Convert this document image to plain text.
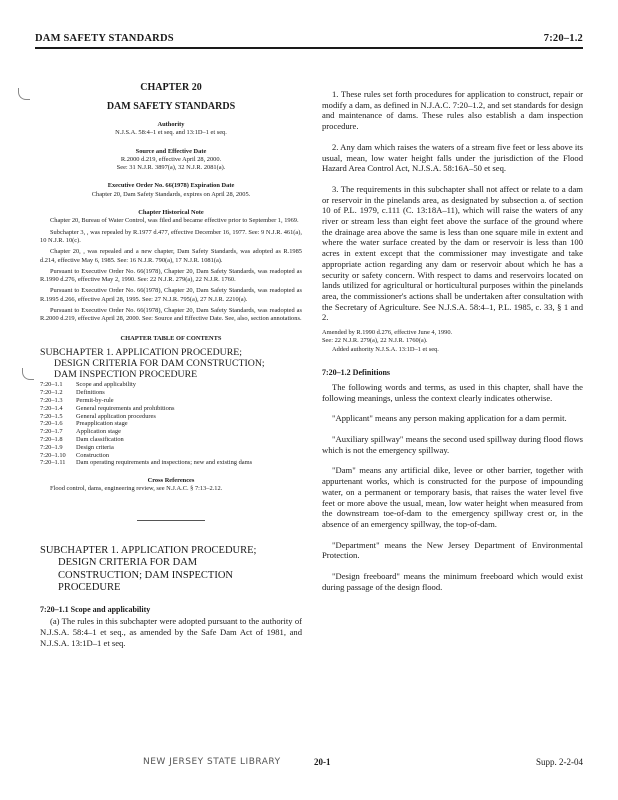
DAM SAFETY STANDARDS	7:20–1.2
CHAPTER 20
DAM SAFETY STANDARDS
Authority
N.J.S.A. 58:4–1 et seq. and 13:1D–1 et seq.
Source and Effective Date
R.2000 d.219, effective April 28, 2000.
See: 31 N.J.R. 3897(a), 32 N.J.R. 2081(a).
Executive Order No. 66(1978) Expiration Date
Chapter 20, Dam Safety Standards, expires on April 28, 2005.
Chapter Historical Note
Chapter 20, Bureau of Water Control, was filed and became effective prior to September 1, 1969.
Subchapter 3, , was repealed by R.1977 d.477, effective December 16, 1977. See: 9 N.J.R. 461(a), 10 N.J.R. 10(c).
Chapter 20, , was repealed and a new chapter, Dam Safety Standards, was adopted as R.1985 d.214, effective May 6, 1985. See: 16 N.J.R. 790(a), 17 N.J.R. 1081(a).
Pursuant to Executive Order No. 66(1978), Chapter 20, Dam Safety Standards, was readopted as R.1990 d.276, effective May 2, 1990. See: 22 N.J.R. 279(a), 22 N.J.R. 1760.
Pursuant to Executive Order No. 66(1978), Chapter 20, Dam Safety Standards, was readopted as R.1995 d.266, effective April 28, 1995. See: 27 N.J.R. 795(a), 27 N.J.R. 2210(a).
Pursuant to Executive Order No. 66(1978), Chapter 20, Dam Safety Standards, was readopted as R.2000 d.219, effective April 28, 2000. See: Source and Effective Date. See, also, section annotations.
CHAPTER TABLE OF CONTENTS
SUBCHAPTER 1. APPLICATION PROCEDURE;
DESIGN CRITERIA FOR DAM CONSTRUCTION;
DAM INSPECTION PROCEDURE
7:20–1.1	Scope and applicability
7:20–1.2	Definitions
7:20–1.3	Permit-by-rule
7:20–1.4	General requirements and prohibitions
7:20–1.5	General application procedures
7:20–1.6	Preapplication stage
7:20–1.7	Application stage
7:20–1.8	Dam classification
7:20–1.9	Design criteria
7:20–1.10	Construction
7:20–1.11	Dam operating requirements and inspections; new and existing dams
Cross References
Flood control, dams, engineering review, see N.J.A.C. § 7:13–2.12.
SUBCHAPTER 1. APPLICATION PROCEDURE;
DESIGN CRITERIA FOR DAM
CONSTRUCTION; DAM INSPECTION
PROCEDURE
7:20–1.1 Scope and applicability
(a) The rules in this subchapter were adopted pursuant to the authority of N.J.S.A. 58:4–1 et seq., as amended by the Safe Dam Act of 1981, and N.J.S.A. 13:1D–1 et seq.
1. These rules set forth procedures for application to construct, repair or modify a dam, as defined in N.J.A.C. 7:20–1.2, and set standards for design and maintenance of dams. These rules also establish a dam inspection procedure.
2. Any dam which raises the waters of a stream five feet or less above its usual, mean, low water height falls under the jurisdiction of the Flood Hazard Area Control Act, N.J.S.A. 58:16A–50 et seq.
3. The requirements in this subchapter shall not affect or relate to a dam or reservoir in the pinelands area, as designated by subsection a. of section 10 of P.L. 1979, c.111 (C. 13:18A–11), which will raise the waters of any river or stream less than eight feet above the surface of the ground where the drainage area above the same is less than one square mile in extent and where the water surface created by the dam or reservoir is less than 100 acres in extent except that the commissioner may investigate and take appropriate action regarding any dam or reservoir about which he has a security or safety concern. With respect to dams and reservoirs located on lands utilized for agricultural or horticultural purposes within the pinelands area, the commissioner's actions shall be undertaken after consultation with the Secretary of Agriculture. See N.J.S.A. 58:4–1, P.L. 1985, c. 33, § 1 and 2.
Amended by R.1990 d.276, effective June 4, 1990.
See: 22 N.J.R. 279(a), 22 N.J.R. 1760(a).
Added authority N.J.S.A. 13:1D–1 et seq.
7:20–1.2 Definitions
The following words and terms, as used in this chapter, shall have the following meanings, unless the context clearly indicates otherwise.
"Applicant" means any person making application for a dam permit.
"Auxiliary spillway" means the second used spillway during flood flows which is not the emergency spillway.
"Dam" means any artificial dike, levee or other barrier, together with appurtenant works, which is constructed for the purpose of impounding water, on a permanent or temporary basis, that raises the water level five feet or more above the usual, mean, low water height when measured from the downstream toe-of-dam to the emergency spillway crest or, in the absence of an emergency spillway, the top-of-dam.
"Department" means the New Jersey Department of Environmental Protection.
"Design freeboard" means the minimum freeboard which would exist during passage of the design flood.
NEW JERSEY STATE LIBRARY	20-1	Supp. 2-2-04
